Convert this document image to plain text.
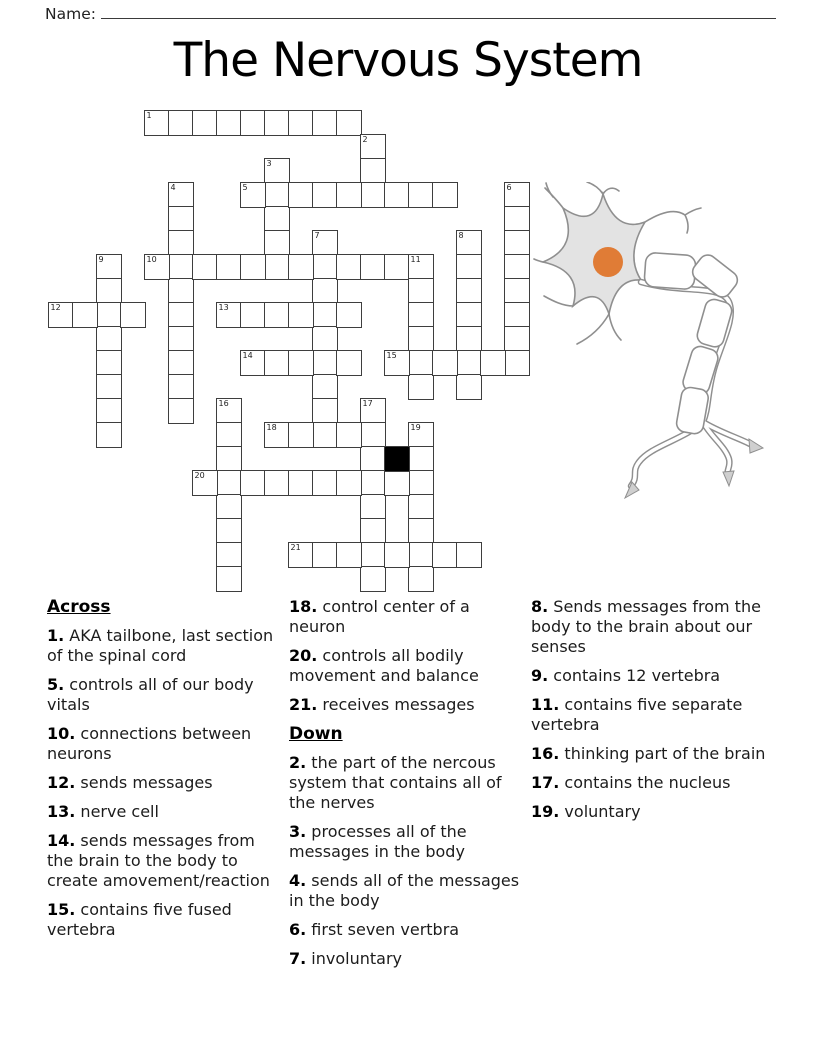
Name:
The Nervous System
1
2
3
4	5	6
7	8
9	10	11
12	13
14	15
16	17
18	19
20
21
Across

1. AKA tailbone, last section of the spinal cord

5. controls all of our body vitals

10. connections between neurons

12. sends messages

13. nerve cell

14. sends messages from the brain to the body to create amovement/reaction

15. contains five fused vertebra

18. control center of a neuron

20. controls all bodily movement and balance

21. receives messages

Down

2. the part of the nercous system that contains all of the nerves

3. processes all of the messages in the body

4. sends all of the messages in the body

6. first seven vertbra

7. involuntary

8. Sends messages from the body to the brain about our senses

9. contains 12 vertebra

11. contains five separate vertebra

16. thinking part of the brain

17. contains the nucleus

19. voluntary
